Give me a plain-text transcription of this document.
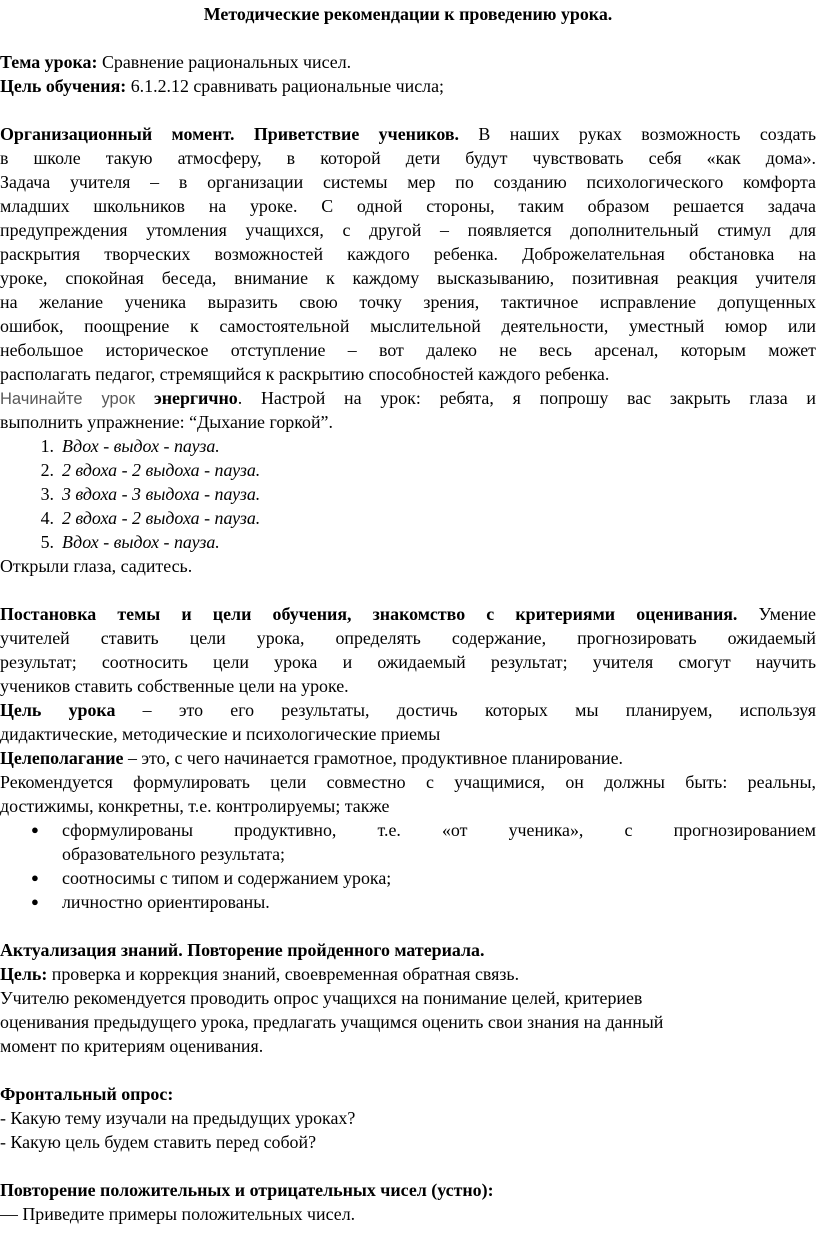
Методические рекомендации к проведению урока.
Тема урока: Сравнение рациональных чисел.
Цель обучения: 6.1.2.12 сравнивать рациональные числа;
Организационный момент. Приветствие учеников. В наших руках возможность создать
в школе такую атмосферу, в которой дети будут чувствовать себя «как дома».
Задача учителя – в организации системы мер по созданию психологического комфорта
младших школьников на уроке. С одной стороны, таким образом решается задача
предупреждения утомления учащихся, с другой – появляется дополнительный стимул для
раскрытия творческих возможностей каждого ребенка. Доброжелательная обстановка на
уроке, спокойная беседа, внимание к каждому высказыванию, позитивная реакция учителя
на желание ученика выразить свою точку зрения, тактичное исправление допущенных
ошибок, поощрение к самостоятельной мыслительной деятельности, уместный юмор или
небольшое историческое отступление – вот далеко не весь арсенал, которым может
располагать педагог, стремящийся к раскрытию способностей каждого ребенка.
Начинайте урок энергично. Настрой на урок: ребята, я попрошу вас закрыть глаза и
выполнить упражнение: “Дыхание горкой”.
1. Вдох - выдох - пауза.
2. 2 вдоха - 2 выдоха - пауза.
3. 3 вдоха - 3 выдоха - пауза.
4. 2 вдоха - 2 выдоха - пауза.
5. Вдох - выдох - пауза.
Открыли глаза, садитесь.
Постановка темы и цели обучения, знакомство с критериями оценивания. Умение
учителей ставить цели урока, определять содержание, прогнозировать ожидаемый
результат; соотносить цели урока и ожидаемый результат; учителя смогут научить
учеников ставить собственные цели на уроке.
Цель урока – это его результаты, достичь которых мы планируем, используя
дидактические, методические и психологические приемы
Целеполагание – это, с чего начинается грамотное, продуктивное планирование.
Рекомендуется формулировать цели совместно с учащимися, он должны быть: реальны,
достижимы, конкретны, т.е. контролируемы; также
● сформулированы продуктивно, т.е. «от ученика», с прогнозированием
образовательного результата;
● соотносимы с типом и содержанием урока;
● личностно ориентированы.
Актуализация знаний. Повторение пройденного материала.
Цель: проверка и коррекция знаний, своевременная обратная связь.
Учителю рекомендуется проводить опрос учащихся на понимание целей, критериев
оценивания предыдущего урока, предлагать учащимся оценить свои знания на данный
момент по критериям оценивания.
Фронтальный опрос:
- Какую тему изучали на предыдущих уроках?
- Какую цель будем ставить перед собой?
Повторение положительных и отрицательных чисел (устно):
— Приведите примеры положительных чисел.
